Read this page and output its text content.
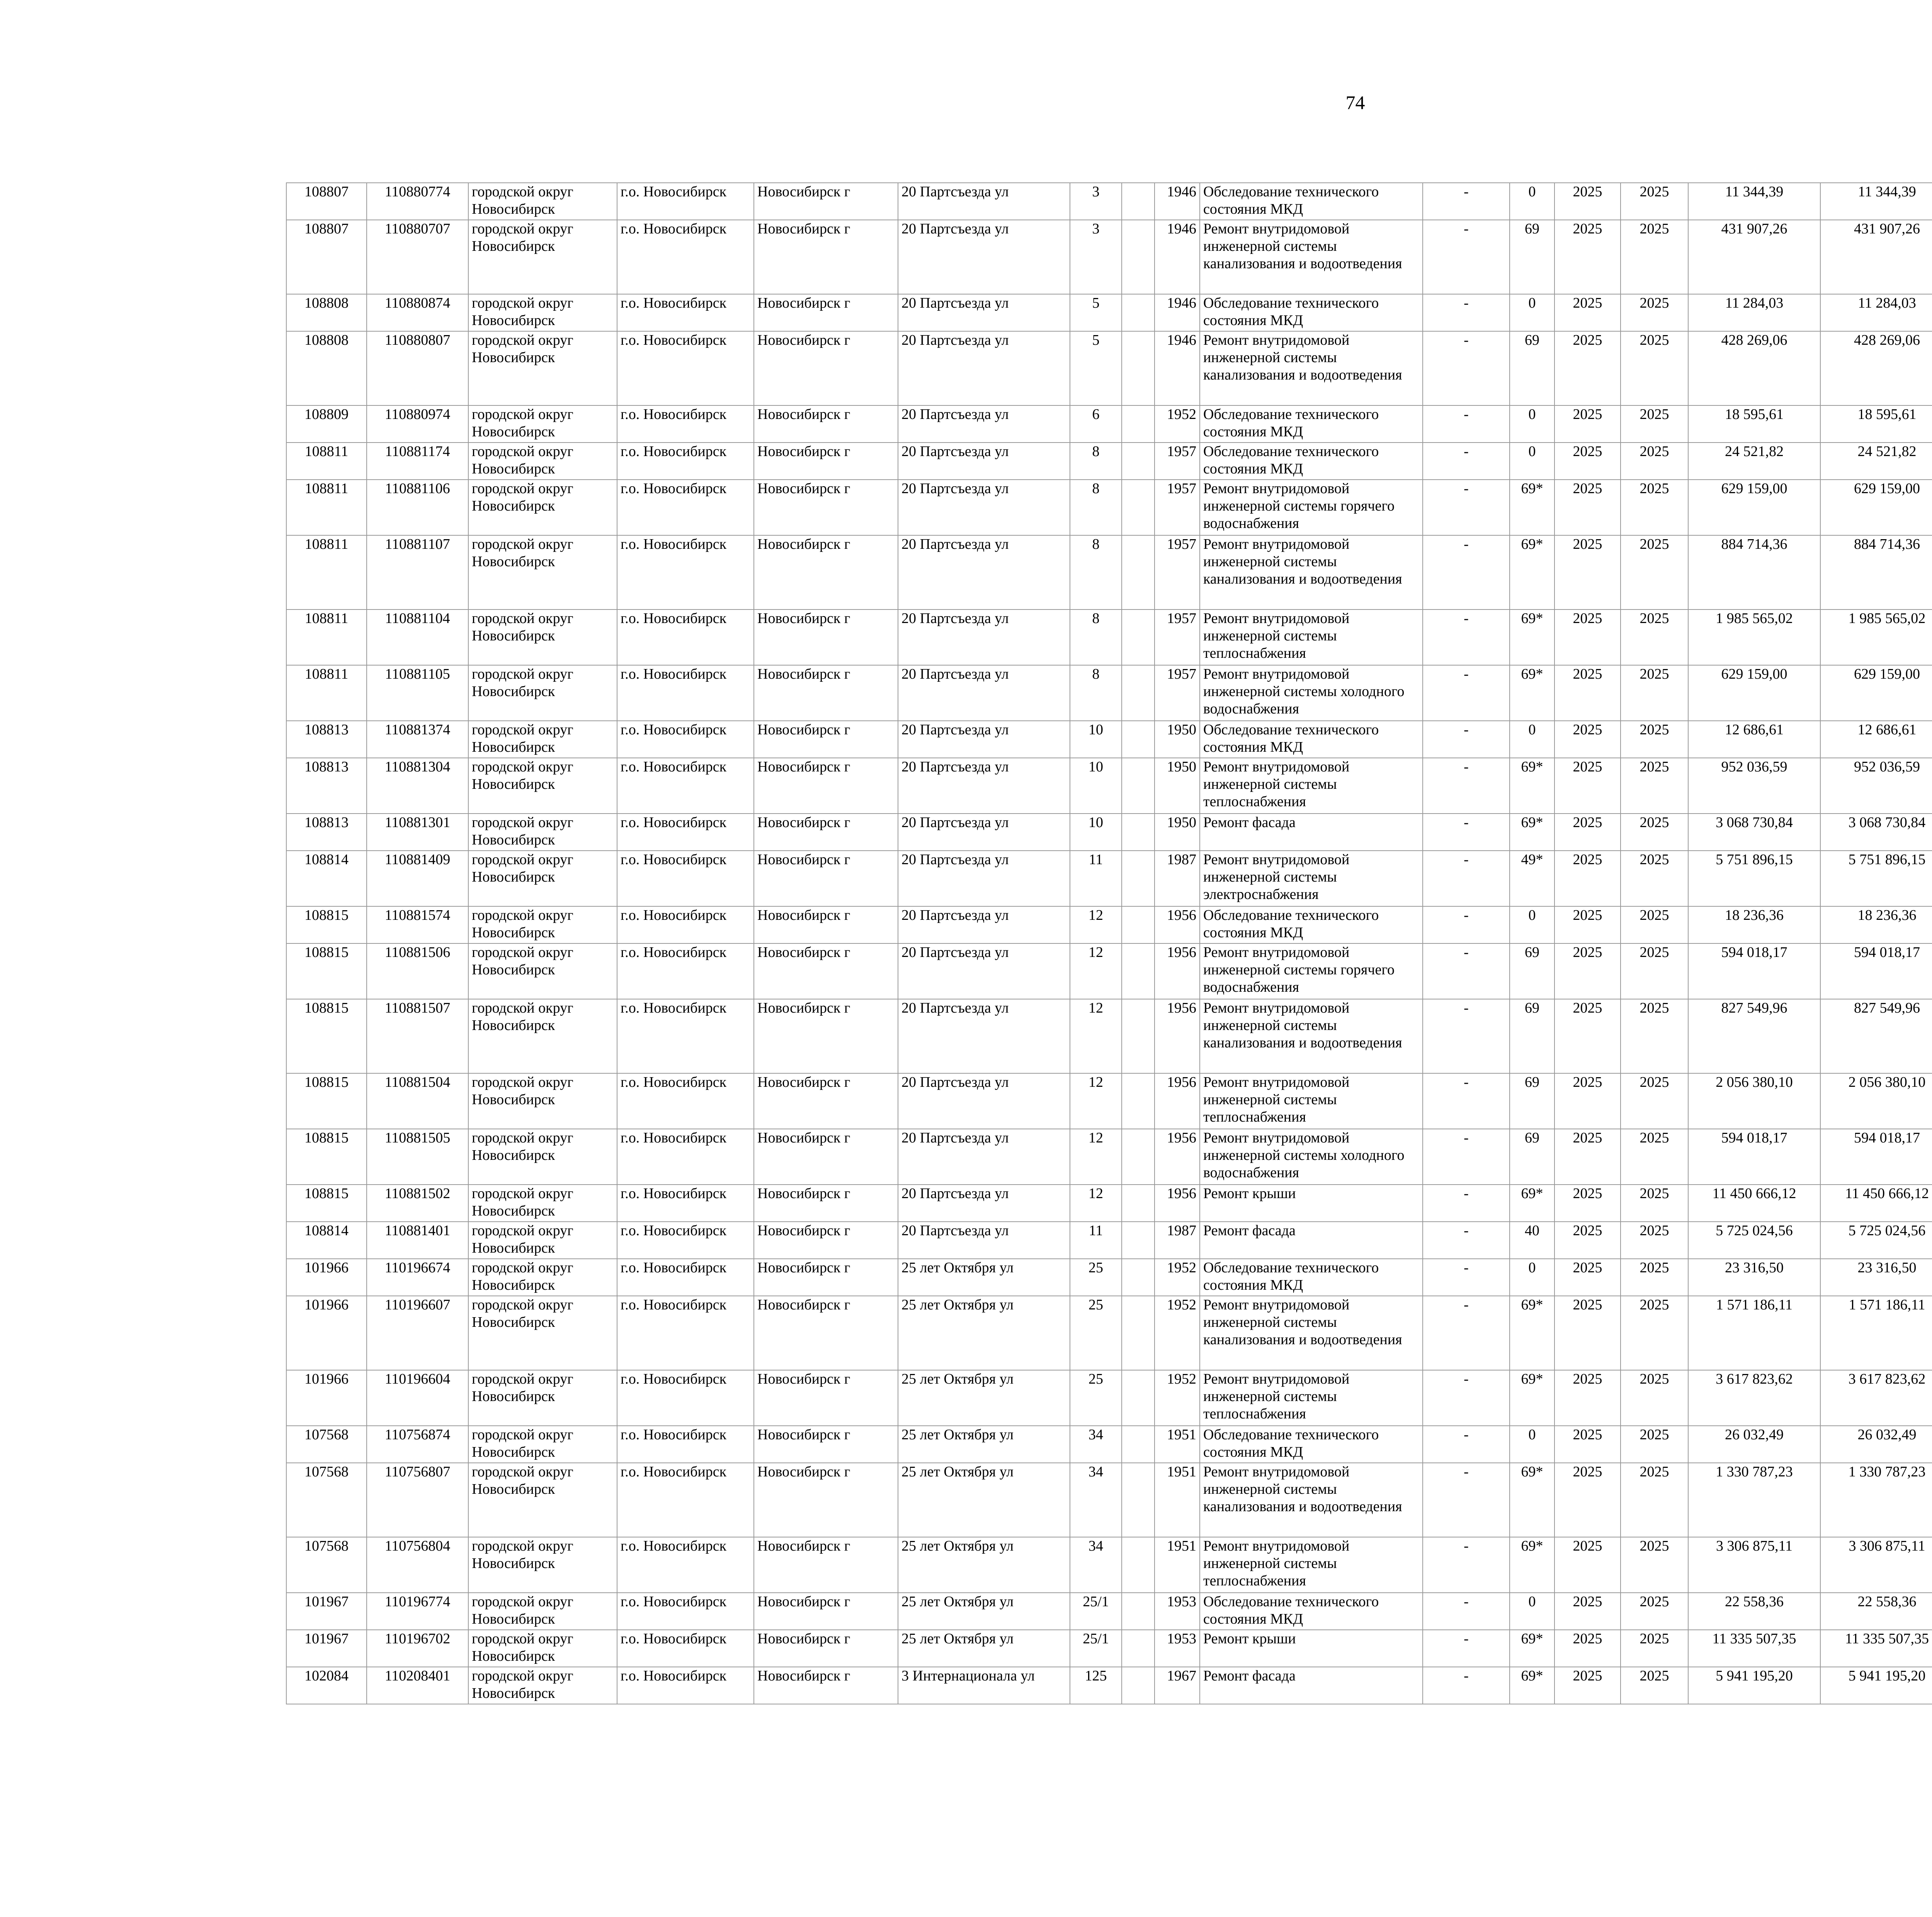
74
108807	110880774	городской округ Новосибирск	г.о. Новосибирск	Новосибирск г	20 Партсъезда ул	3		1946	Обследование технического состояния МКД	-	0	2025	2025	11 344,39	11 344,39						
108807	110880707	городской округ Новосибирск	г.о. Новосибирск	Новосибирск г	20 Партсъезда ул	3		1946	Ремонт внутридомовой инженерной системы канализования и водоотведения	-	69	2025	2025	431 907,26	431 907,26						
108808	110880874	городской округ Новосибирск	г.о. Новосибирск	Новосибирск г	20 Партсъезда ул	5		1946	Обследование технического состояния МКД	-	0	2025	2025	11 284,03	11 284,03						
108808	110880807	городской округ Новосибирск	г.о. Новосибирск	Новосибирск г	20 Партсъезда ул	5		1946	Ремонт внутридомовой инженерной системы канализования и водоотведения	-	69	2025	2025	428 269,06	428 269,06						
108809	110880974	городской округ Новосибирск	г.о. Новосибирск	Новосибирск г	20 Партсъезда ул	6		1952	Обследование технического состояния МКД	-	0	2025	2025	18 595,61	18 595,61						
108811	110881174	городской округ Новосибирск	г.о. Новосибирск	Новосибирск г	20 Партсъезда ул	8		1957	Обследование технического состояния МКД	-	0	2025	2025	24 521,82	24 521,82						
108811	110881106	городской округ Новосибирск	г.о. Новосибирск	Новосибирск г	20 Партсъезда ул	8		1957	Ремонт внутридомовой инженерной системы горячего водоснабжения	-	69*	2025	2025	629 159,00	629 159,00						
108811	110881107	городской округ Новосибирск	г.о. Новосибирск	Новосибирск г	20 Партсъезда ул	8		1957	Ремонт внутридомовой инженерной системы канализования и водоотведения	-	69*	2025	2025	884 714,36	884 714,36						
108811	110881104	городской округ Новосибирск	г.о. Новосибирск	Новосибирск г	20 Партсъезда ул	8		1957	Ремонт внутридомовой инженерной системы теплоснабжения	-	69*	2025	2025	1 985 565,02	1 985 565,02						
108811	110881105	городской округ Новосибирск	г.о. Новосибирск	Новосибирск г	20 Партсъезда ул	8		1957	Ремонт внутридомовой инженерной системы холодного водоснабжения	-	69*	2025	2025	629 159,00	629 159,00						
108813	110881374	городской округ Новосибирск	г.о. Новосибирск	Новосибирск г	20 Партсъезда ул	10		1950	Обследование технического состояния МКД	-	0	2025	2025	12 686,61	12 686,61						
108813	110881304	городской округ Новосибирск	г.о. Новосибирск	Новосибирск г	20 Партсъезда ул	10		1950	Ремонт внутридомовой инженерной системы теплоснабжения	-	69*	2025	2025	952 036,59	952 036,59						
108813	110881301	городской округ Новосибирск	г.о. Новосибирск	Новосибирск г	20 Партсъезда ул	10		1950	Ремонт фасада	-	69*	2025	2025	3 068 730,84	3 068 730,84						
108814	110881409	городской округ Новосибирск	г.о. Новосибирск	Новосибирск г	20 Партсъезда ул	11		1987	Ремонт внутридомовой инженерной системы электроснабжения	-	49*	2025	2025	5 751 896,15	5 751 896,15						
108815	110881574	городской округ Новосибирск	г.о. Новосибирск	Новосибирск г	20 Партсъезда ул	12		1956	Обследование технического состояния МКД	-	0	2025	2025	18 236,36	18 236,36						
108815	110881506	городской округ Новосибирск	г.о. Новосибирск	Новосибирск г	20 Партсъезда ул	12		1956	Ремонт внутридомовой инженерной системы горячего водоснабжения	-	69	2025	2025	594 018,17	594 018,17						
108815	110881507	городской округ Новосибирск	г.о. Новосибирск	Новосибирск г	20 Партсъезда ул	12		1956	Ремонт внутридомовой инженерной системы канализования и водоотведения	-	69	2025	2025	827 549,96	827 549,96						
108815	110881504	городской округ Новосибирск	г.о. Новосибирск	Новосибирск г	20 Партсъезда ул	12		1956	Ремонт внутридомовой инженерной системы теплоснабжения	-	69	2025	2025	2 056 380,10	2 056 380,10						
108815	110881505	городской округ Новосибирск	г.о. Новосибирск	Новосибирск г	20 Партсъезда ул	12		1956	Ремонт внутридомовой инженерной системы холодного водоснабжения	-	69	2025	2025	594 018,17	594 018,17						
108815	110881502	городской округ Новосибирск	г.о. Новосибирск	Новосибирск г	20 Партсъезда ул	12		1956	Ремонт крыши	-	69*	2025	2025	11 450 666,12	11 450 666,12						
108814	110881401	городской округ Новосибирск	г.о. Новосибирск	Новосибирск г	20 Партсъезда ул	11		1987	Ремонт фасада	-	40	2025	2025	5 725 024,56	5 725 024,56						
101966	110196674	городской округ Новосибирск	г.о. Новосибирск	Новосибирск г	25 лет Октября ул	25		1952	Обследование технического состояния МКД	-	0	2025	2025	23 316,50	23 316,50						
101966	110196607	городской округ Новосибирск	г.о. Новосибирск	Новосибирск г	25 лет Октября ул	25		1952	Ремонт внутридомовой инженерной системы канализования и водоотведения	-	69*	2025	2025	1 571 186,11	1 571 186,11						
101966	110196604	городской округ Новосибирск	г.о. Новосибирск	Новосибирск г	25 лет Октября ул	25		1952	Ремонт внутридомовой инженерной системы теплоснабжения	-	69*	2025	2025	3 617 823,62	3 617 823,62						
107568	110756874	городской округ Новосибирск	г.о. Новосибирск	Новосибирск г	25 лет Октября ул	34		1951	Обследование технического состояния МКД	-	0	2025	2025	26 032,49	26 032,49						
107568	110756807	городской округ Новосибирск	г.о. Новосибирск	Новосибирск г	25 лет Октября ул	34		1951	Ремонт внутридомовой инженерной системы канализования и водоотведения	-	69*	2025	2025	1 330 787,23	1 330 787,23						
107568	110756804	городской округ Новосибирск	г.о. Новосибирск	Новосибирск г	25 лет Октября ул	34		1951	Ремонт внутридомовой инженерной системы теплоснабжения	-	69*	2025	2025	3 306 875,11	3 306 875,11						
101967	110196774	городской округ Новосибирск	г.о. Новосибирск	Новосибирск г	25 лет Октября ул	25/1		1953	Обследование технического состояния МКД	-	0	2025	2025	22 558,36	22 558,36						
101967	110196702	городской округ Новосибирск	г.о. Новосибирск	Новосибирск г	25 лет Октября ул	25/1		1953	Ремонт крыши	-	69*	2025	2025	11 335 507,35	11 335 507,35						
102084	110208401	городской округ Новосибирск	г.о. Новосибирск	Новосибирск г	3 Интернационала ул	125		1967	Ремонт фасада	-	69*	2025	2025	5 941 195,20	5 941 195,20						
